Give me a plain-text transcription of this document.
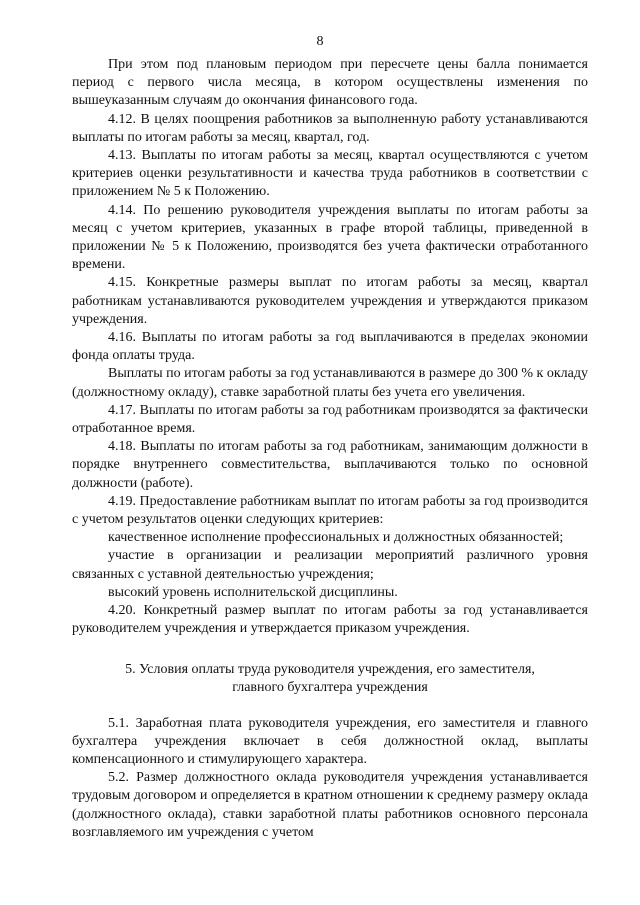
8

При этом под плановым периодом при пересчете цены балла понимается период с первого числа месяца, в котором осуществлены изменения по вышеуказанным случаям до окончания финансового года.

4.12. В целях поощрения работников за выполненную работу устанавливаются выплаты по итогам работы за месяц, квартал, год.

4.13. Выплаты по итогам работы за месяц, квартал осуществляются с учетом критериев оценки результативности и качества труда работников в соответствии с приложением № 5 к Положению.

4.14. По решению руководителя учреждения выплаты по итогам работы за месяц с учетом критериев, указанных в графе второй таблицы, приведенной в приложении № 5 к Положению, производятся без учета фактически отработанного времени.

4.15. Конкретные размеры выплат по итогам работы за месяц, квартал работникам устанавливаются руководителем учреждения и утверждаются приказом учреждения.

4.16. Выплаты по итогам работы за год выплачиваются в пределах экономии фонда оплаты труда.

Выплаты по итогам работы за год устанавливаются в размере до 300 % к окладу (должностному окладу), ставке заработной платы без учета его увеличения.

4.17. Выплаты по итогам работы за год работникам производятся за фактически отработанное время.

4.18. Выплаты по итогам работы за год работникам, занимающим должности в порядке внутреннего совместительства, выплачиваются только по основной должности (работе).

4.19. Предоставление работникам выплат по итогам работы за год производится с учетом результатов оценки следующих критериев:

качественное исполнение профессиональных и должностных обязанностей;

участие в организации и реализации мероприятий различного уровня связанных с уставной деятельностью учреждения;

высокий уровень исполнительской дисциплины.

4.20. Конкретный размер выплат по итогам работы за год устанавливается руководителем учреждения и утверждается приказом учреждения.

5. Условия оплаты труда руководителя учреждения, его заместителя,
главного бухгалтера учреждения

5.1. Заработная плата руководителя учреждения, его заместителя и главного бухгалтера учреждения включает в себя должностной оклад, выплаты компенсационного и стимулирующего характера.

5.2. Размер должностного оклада руководителя учреждения устанавливается трудовым договором и определяется в кратном отношении к среднему размеру оклада (должностного оклада), ставки заработной платы работников основного персонала возглавляемого им учреждения с учетом
